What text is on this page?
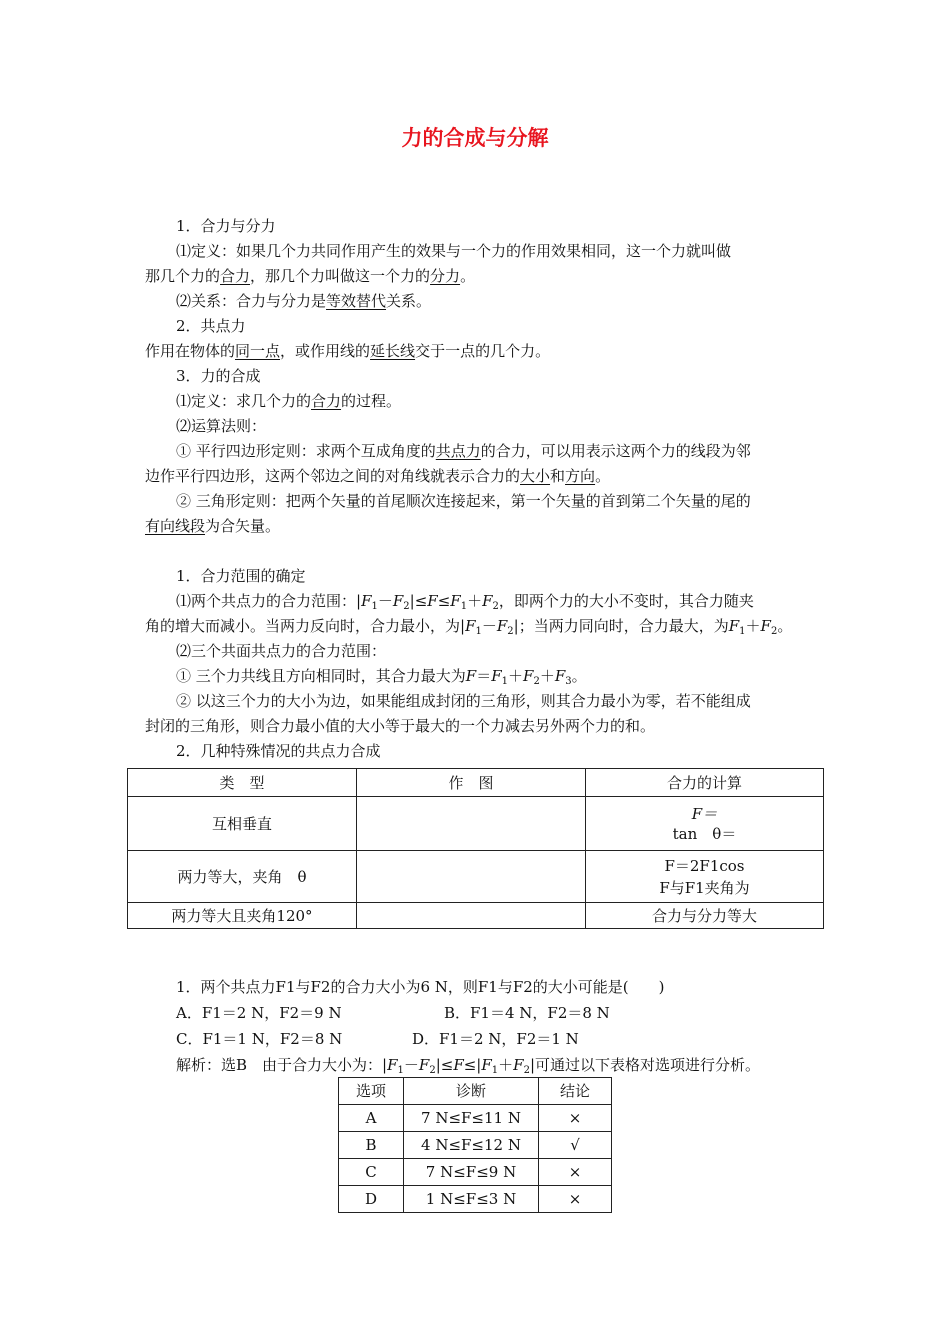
力的合成与分解
1．合力与分力
⑴定义：如果几个力共同作用产生的效果与一个力的作用效果相同，这一个力就叫做
那几个力的合力，那几个力叫做这一个力的分力。
⑵关系：合力与分力是等效替代关系。
2．共点力
作用在物体的同一点，或作用线的延长线交于一点的几个力。
3．力的合成
⑴定义：求几个力的合力的过程。
⑵运算法则：
① 平行四边形定则：求两个互成角度的共点力的合力，可以用表示这两个力的线段为邻
边作平行四边形，这两个邻边之间的对角线就表示合力的大小和方向。
② 三角形定则：把两个矢量的首尾顺次连接起来，第一个矢量的首到第二个矢量的尾的
有向线段为合矢量。
1．合力范围的确定
⑴两个共点力的合力范围：$|F_1-F_2|\le F\le F_1+F_2$，即两个力的大小不变时，其合力随夹
角的增大而减小。当两力反向时，合力最小，为$|F_1-F_2|$；当两力同向时，合力最大，为$F_1+F_2$。
⑵三个共面共点力的合力范围：
① 三个力共线且方向相同时，其合力最大为$F=F_1+F_2+F_3$。
② 以这三个力的大小为边，如果能组成封闭的三角形，则其合力最小为零，若不能组成
封闭的三角形，则合力最小值的大小等于最大的一个力减去另外两个力的和。
2．几种特殊情况的共点力合成
类　型	作　图	合力的计算
互相垂直		F＝
tan　θ＝

两力等大，夹角　θ		F＝2F1cos
F与F1夹角为

两力等大且夹角120°		合力与分力等大
1．两个共点力F1与F2的合力大小为6 N，则F1与F2的大小可能是(　　)
A．F1＝2 N，F2＝9 N	B．F1＝4 N，F2＝8 N
C．F1＝1 N，F2＝8 N	D．F1＝2 N，F2＝1 N
解析：选B　由于合力大小为：$|F_1-F_2|\le F\le|F_1+F_2|$可通过以下表格对选项进行分析。
选项	诊断	结论
A	7 N≤F≤11 N	×
B	4 N≤F≤12 N	√
C	7 N≤F≤9 N	×
D	1 N≤F≤3 N	×
